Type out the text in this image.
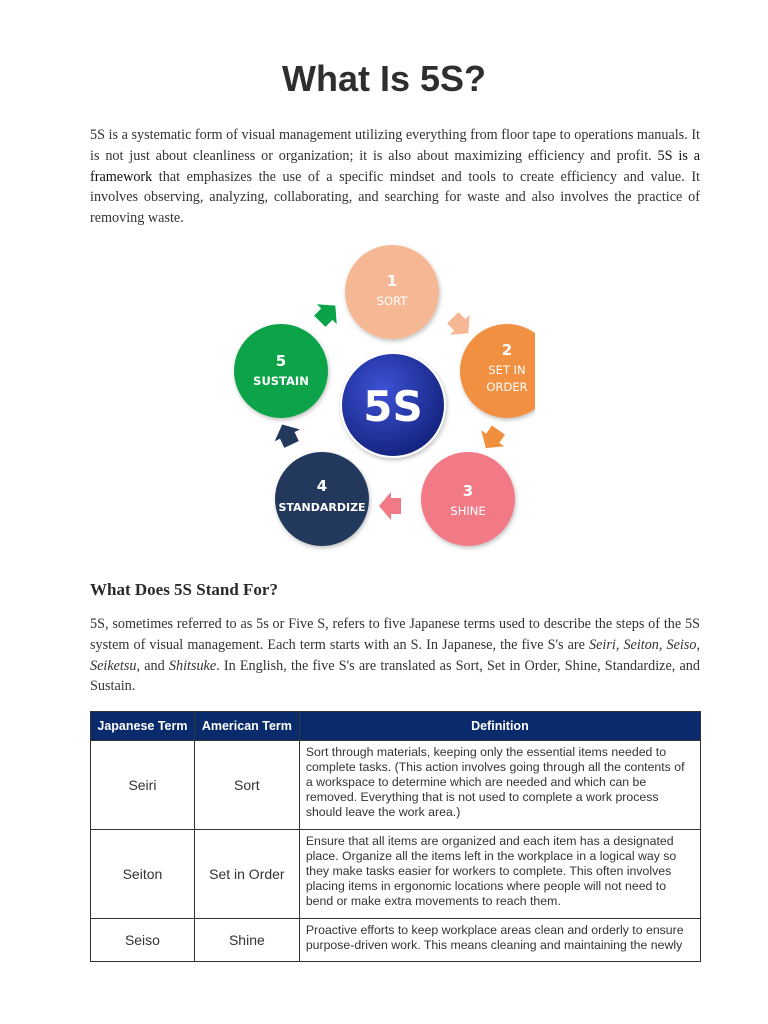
What Is 5S?
5S is a systematic form of visual management utilizing everything from floor tape to operations manuals. It is not just about cleanliness or organization; it is also about maximizing efficiency and profit. 5S is a framework that emphasizes the use of a specific mindset and tools to create efficiency and value. It involves observing, analyzing, collaborating, and searching for waste and also involves the practice of removing waste.
5S
1
SORT
2
SET IN
ORDER
3
SHINE
4
STANDARDIZE
5
SUSTAIN
What Does 5S Stand For?
5S, sometimes referred to as 5s or Five S, refers to five Japanese terms used to describe the steps of the 5S system of visual management. Each term starts with an S. In Japanese, the five S's are Seiri, Seiton, Seiso, Seiketsu, and Shitsuke. In English, the five S's are translated as Sort, Set in Order, Shine, Standardize, and Sustain.
Japanese Term	American Term	Definition
Seiri	Sort	Sort through materials, keeping only the essential items needed to complete tasks. (This action involves going through all the contents of a workspace to determine which are needed and which can be removed. Everything that is not used to complete a work process should leave the work area.)
Seiton	Set in Order	Ensure that all items are organized and each item has a designated place. Organize all the items left in the workplace in a logical way so they make tasks easier for workers to complete. This often involves placing items in ergonomic locations where people will not need to bend or make extra movements to reach them.
Seiso	Shine	Proactive efforts to keep workplace areas clean and orderly to ensure purpose-driven work. This means cleaning and maintaining the newly
